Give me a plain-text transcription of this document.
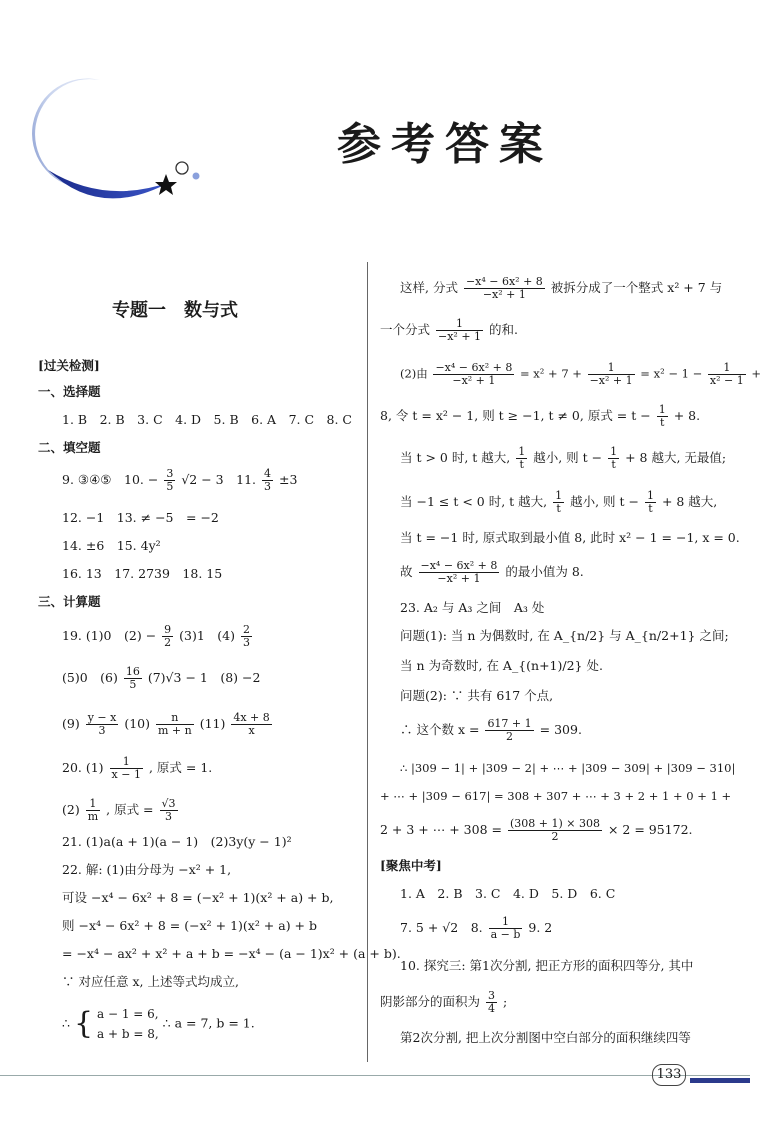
参考答案
专题一　数与式
[过关检测]
一、选择题
1. B　2. B　3. C　4. D　5. B　6. A　7. C　8. C
二、填空题
9. ③④⑤　10. − $\frac{3}{5} √2 - 3$　11. $\frac{4}{3} \pm 3$
12. −1　13. ≠ −5　= −2
14. ±6　15. 4y²
16. 13　17. 2739　18. 15
三、计算题
19. (1)0　$(2) - \frac{9}{2} (3)1$　$(4) \frac{2}{3}$
(5)0　$(6) \frac{16}{5} (7)√3 - 1$　(8) −2
$(9) \frac{y - x}{3} (10) \frac{n}{m + n} (11) \frac{4x + 8}{x}$
20. $(1) \frac{1}{x - 1}$ , 原式 = 1.
$(2) \frac{1}{m}$ , 原式 = $\frac{√3}{3}$
21. (1)a(a + 1)(a − 1)　(2)3y(y − 1)²
22. 解: (1)由分母为 −x² + 1,
可设 −x⁴ − 6x² + 8 = (−x² + 1)(x² + a) + b,
则 −x⁴ − 6x² + 8 = (−x² + 1)(x² + a) + b
= −x⁴ − ax² + x² + a + b = −x⁴ − (a − 1)x² + (a + b).
∵ 对应任意 x, 上述等式均成立,
∴ { a − 1 = 6,
a + b = 8,
∴ a = 7, b = 1.
这样, 分式 $\frac{\text{−x⁴ − 6x² + 8}}{\text{−x² + 1}}$ 被拆分成了一个整式 x² + 7 与
一个分式 $\frac{1}{\text{−x² + 1}}$ 的和.
(2)由 $\frac{\text{−x⁴ − 6x² + 8}}{\text{−x² + 1}} = x^2 + 7 + \frac{1}{\text{−x² + 1}} = x^2 - 1 - \frac{1}{\text{x² − 1}}$ +
8, 令 t = x² − 1, 则 t ≥ −1, t ≠ 0, 原式 = $t - \frac{1}{t} + 8$.
当 t > 0 时, t 越大, $\frac{1}{t}$ 越小, 则 $t - \frac{1}{t} + 8$ 越大, 无最值;
当 −1 ≤ t < 0 时, t 越大, $\frac{1}{t}$ 越小, 则 $t - \frac{1}{t} + 8$ 越大,
当 t = −1 时, 原式取到最小值 8, 此时 x² − 1 = −1, x = 0.
故 $\frac{\text{−x⁴ − 6x² + 8}}{\text{−x² + 1}}$ 的最小值为 8.
23. A₂ 与 A₃ 之间　A₃ 处
问题(1): 当 n 为偶数时, 在 A_{n/2} 与 A_{n/2+1} 之间;
当 n 为奇数时, 在 A_{(n+1)/2} 处.
问题(2): ∵ 共有 617 个点,
∴ 这个数 $x = \frac{617 + 1}{2} = 309$.
∴ |309 − 1| + |309 − 2| + ⋯ + |309 − 309| + |309 − 310|
+ ⋯ + |309 − 617| = 308 + 307 + ⋯ + 3 + 2 + 1 + 0 + 1 +
2 + 3 + ⋯ + $308 = \frac{(308 + 1) \times 308}{2} \times 2 = 95172$.
[聚焦中考]
1. A　2. B　3. C　4. D　5. D　6. C
7. 5 + √2　8. $\frac{1}{a - b} 9$. 2
10. 探究三: 第1次分割, 把正方形的面积四等分, 其中
阴影部分的面积为 $\frac{3}{4}$ ;
第2次分割, 把上次分割图中空白部分的面积继续四等
133
